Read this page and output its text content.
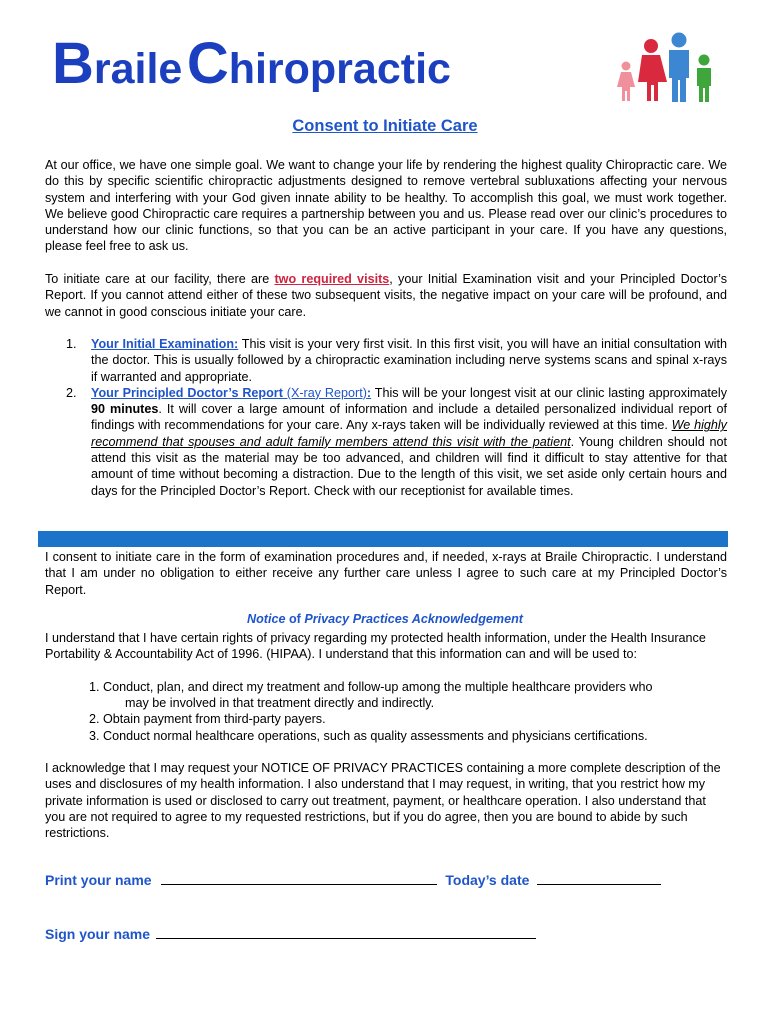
Braile Chiropractic
Consent to Initiate Care
At our office, we have one simple goal. We want to change your life by rendering the highest quality Chiropractic care. We do this by specific scientific chiropractic adjustments designed to remove vertebral subluxations affecting your nervous system and interfering with your God given innate ability to be healthy. To accomplish this goal, we must work together. We believe good Chiropractic care requires a partnership between you and us. Please read over our clinic’s procedures to understand how our clinic functions, so that you can be an active participant in your care. If you have any questions, please feel free to ask us.
To initiate care at our facility, there are two required visits, your Initial Examination visit and your Principled Doctor’s Report. If you cannot attend either of these two subsequent visits, the negative impact on your care will be profound, and we cannot in good conscious initiate your care.
1.	Your Initial Examination: This visit is your very first visit. In this first visit, you will have an initial consultation with the doctor. This is usually followed by a chiropractic examination including nerve systems scans and spinal x-rays if warranted and appropriate.
2.	Your Principled Doctor’s Report (X-ray Report): This will be your longest visit at our clinic lasting approximately 90 minutes. It will cover a large amount of information and include a detailed personalized individual report of findings with recommendations for your care. Any x-rays taken will be individually reviewed at this time. We highly recommend that spouses and adult family members attend this visit with the patient. Young children should not attend this visit as the material may be too advanced, and children will find it difficult to stay attentive for that amount of time without becoming a distraction. Due to the length of this visit, we set aside only certain hours and days for the Principled Doctor’s Report. Check with our receptionist for available times.
I consent to initiate care in the form of examination procedures and, if needed, x-rays at Braile Chiropractic. I understand that I am under no obligation to either receive any further care unless I agree to such care at my Principled Doctor’s Report.
Notice of Privacy Practices Acknowledgement
I understand that I have certain rights of privacy regarding my protected health information, under the Health Insurance Portability & Accountability Act of 1996. (HIPAA). I understand that this information can and will be used to:
1. Conduct, plan, and direct my treatment and follow-up among the multiple healthcare providers who
may be involved in that treatment directly and indirectly.
2. Obtain payment from third-party payers.
3. Conduct normal healthcare operations, such as quality assessments and physicians certifications.
I acknowledge that I may request your NOTICE OF PRIVACY PRACTICES containing a more complete description of the uses and disclosures of my health information. I also understand that I may request, in writing, that you restrict how my private information is used or disclosed to carry out treatment, payment, or healthcare operation. I also understand that you are not required to agree to my requested restrictions, but if you do agree, then you are bound to abide by such restrictions.
Print your name	Today’s date
Sign your name
